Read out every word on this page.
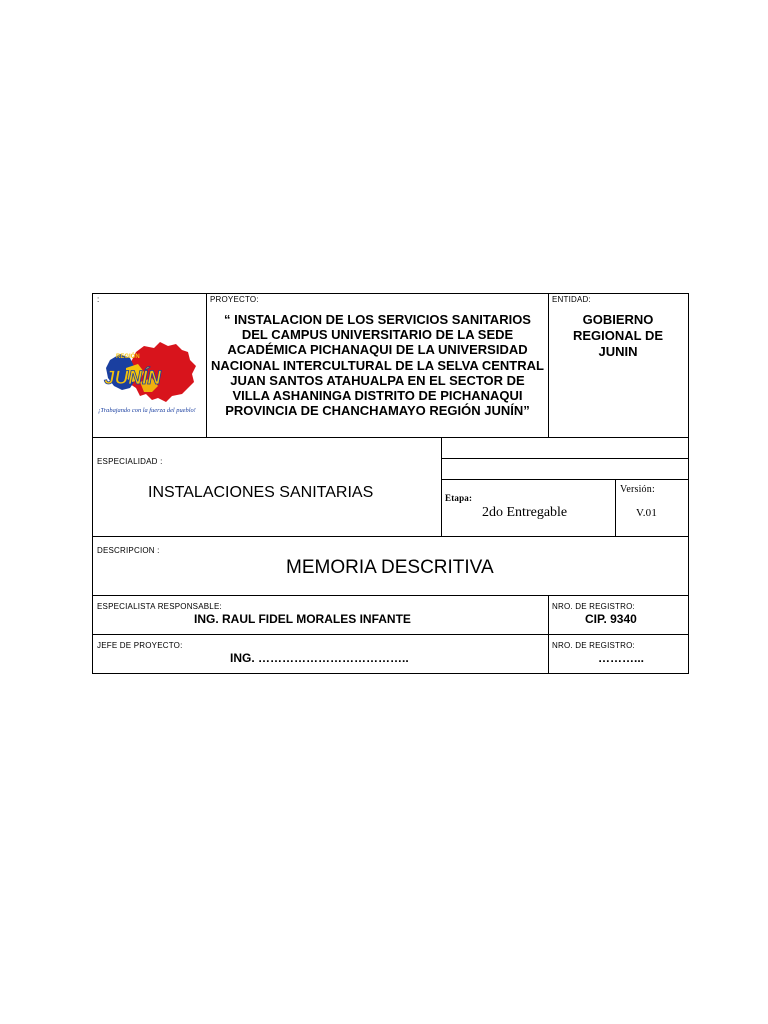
:
REGIÓN
JUNÍN
¡Trabajando con la fuerza del pueblo!
PROYECTO:
“ INSTALACION DE LOS SERVICIOS SANITARIOS DEL CAMPUS UNIVERSITARIO DE LA SEDE ACADÉMICA PICHANAQUI DE LA UNIVERSIDAD NACIONAL INTERCULTURAL DE LA SELVA CENTRAL JUAN SANTOS ATAHUALPA EN EL SECTOR DE VILLA ASHANINGA DISTRITO DE PICHANAQUI PROVINCIA DE CHANCHAMAYO REGIÓN JUNÍN”
ENTIDAD:
GOBIERNO REGIONAL DE JUNIN
ESPECIALIDAD :
INSTALACIONES SANITARIAS	Etapa:
2do Entregable
Versión:
V.01
DESCRIPCION :
MEMORIA DESCRITIVA
ESPECIALISTA RESPONSABLE:
ING. RAUL FIDEL MORALES INFANTE
NRO. DE REGISTRO:
CIP. 9340
JEFE DE PROYECTO:
ING. ………………………………..
NRO. DE REGISTRO:
………...
